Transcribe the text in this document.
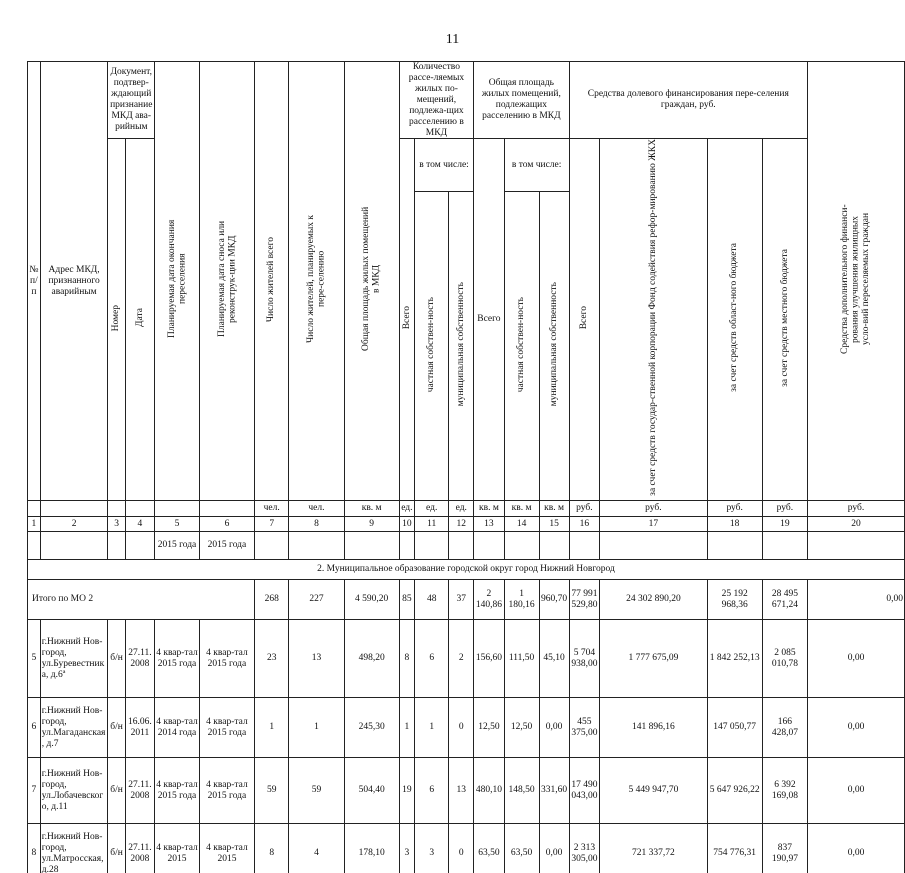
11
№ п/п	Адрес МКД, признанного аварийным	Документ, подтвер-ждающий признание МКД ава-рийным		Планируемая дата окончания переселения	Планируемая дата сноса или реконструк-ции МКД	Число жителей всего	Число жителей, планируемых к пере-селению	Общая площадь жилых помещений в МКД	Количество рассе-ляемых жилых по-мещений, подлежа-щих расселению в МКД			Общая площадь жилых помещений, подлежащих расселению в МКД			Средства долевого финансирования пере-селения граждан, руб.				Средства дополнительного финанси-рования улучшения жилищных усло-вий переселяемых граждан
		Номер	Дата						Всего	в том числе:		Всего	в том числе:		Всего	за счет средств государ-ственной корпорации Фонд содействия рефор-мированию ЖКХ	за счет средств област-ного бюджета	за счет средств местного бюджета	
										частная собствен-ность	муниципальная собственность		частная собствен-ность	муниципальная собственность					
						чел.	чел.	кв. м	ед.	ед.	ед.	кв. м	кв. м	кв. м	руб.	руб.	руб.	руб.	руб.
1	2	3	4	5	6	7	8	9	10	11	12	13	14	15	16	17	18	19	20
				2015 года	2015 года														
2. Муниципальное образование городской округ город Нижний Новгород																			
Итого по МО 2						268	227	4 590,20	85	48	37	2 140,86	1 180,16	960,70	77 991 529,80	24 302 890,20	25 192 968,36	28 495 671,24	0,00
5	г.Нижний Нов-город, ул.Буревестник а, д.6ª	б/н	27.11. 2008	4 квар-тал 2015 года	4 квар-тал 2015 года	23	13	498,20	8	6	2	156,60	111,50	45,10	5 704 938,00	1 777 675,09	1 842 252,13	2 085 010,78	0,00
6	г.Нижний Нов-город, ул.Магаданская , д.7	б/н	16.06. 2011	4 квар-тал 2014 года	4 квар-тал 2015 года	1	1	245,30	1	1	0	12,50	12,50	0,00	455 375,00	141 896,16	147 050,77	166 428,07	0,00
7	г.Нижний Нов-город, ул.Лобачевског о, д.11	б/н	27.11. 2008	4 квар-тал 2015 года	4 квар-тал 2015 года	59	59	504,40	19	6	13	480,10	148,50	331,60	17 490 043,00	5 449 947,70	5 647 926,22	6 392 169,08	0,00
8	г.Нижний Нов-город, ул.Матросская, д.28	б/н	27.11. 2008	4 квар-тал 2015	4 квар-тал 2015	8	4	178,10	3	3	0	63,50	63,50	0,00	2 313 305,00	721 337,72	754 776,31	837 190,97	0,00
